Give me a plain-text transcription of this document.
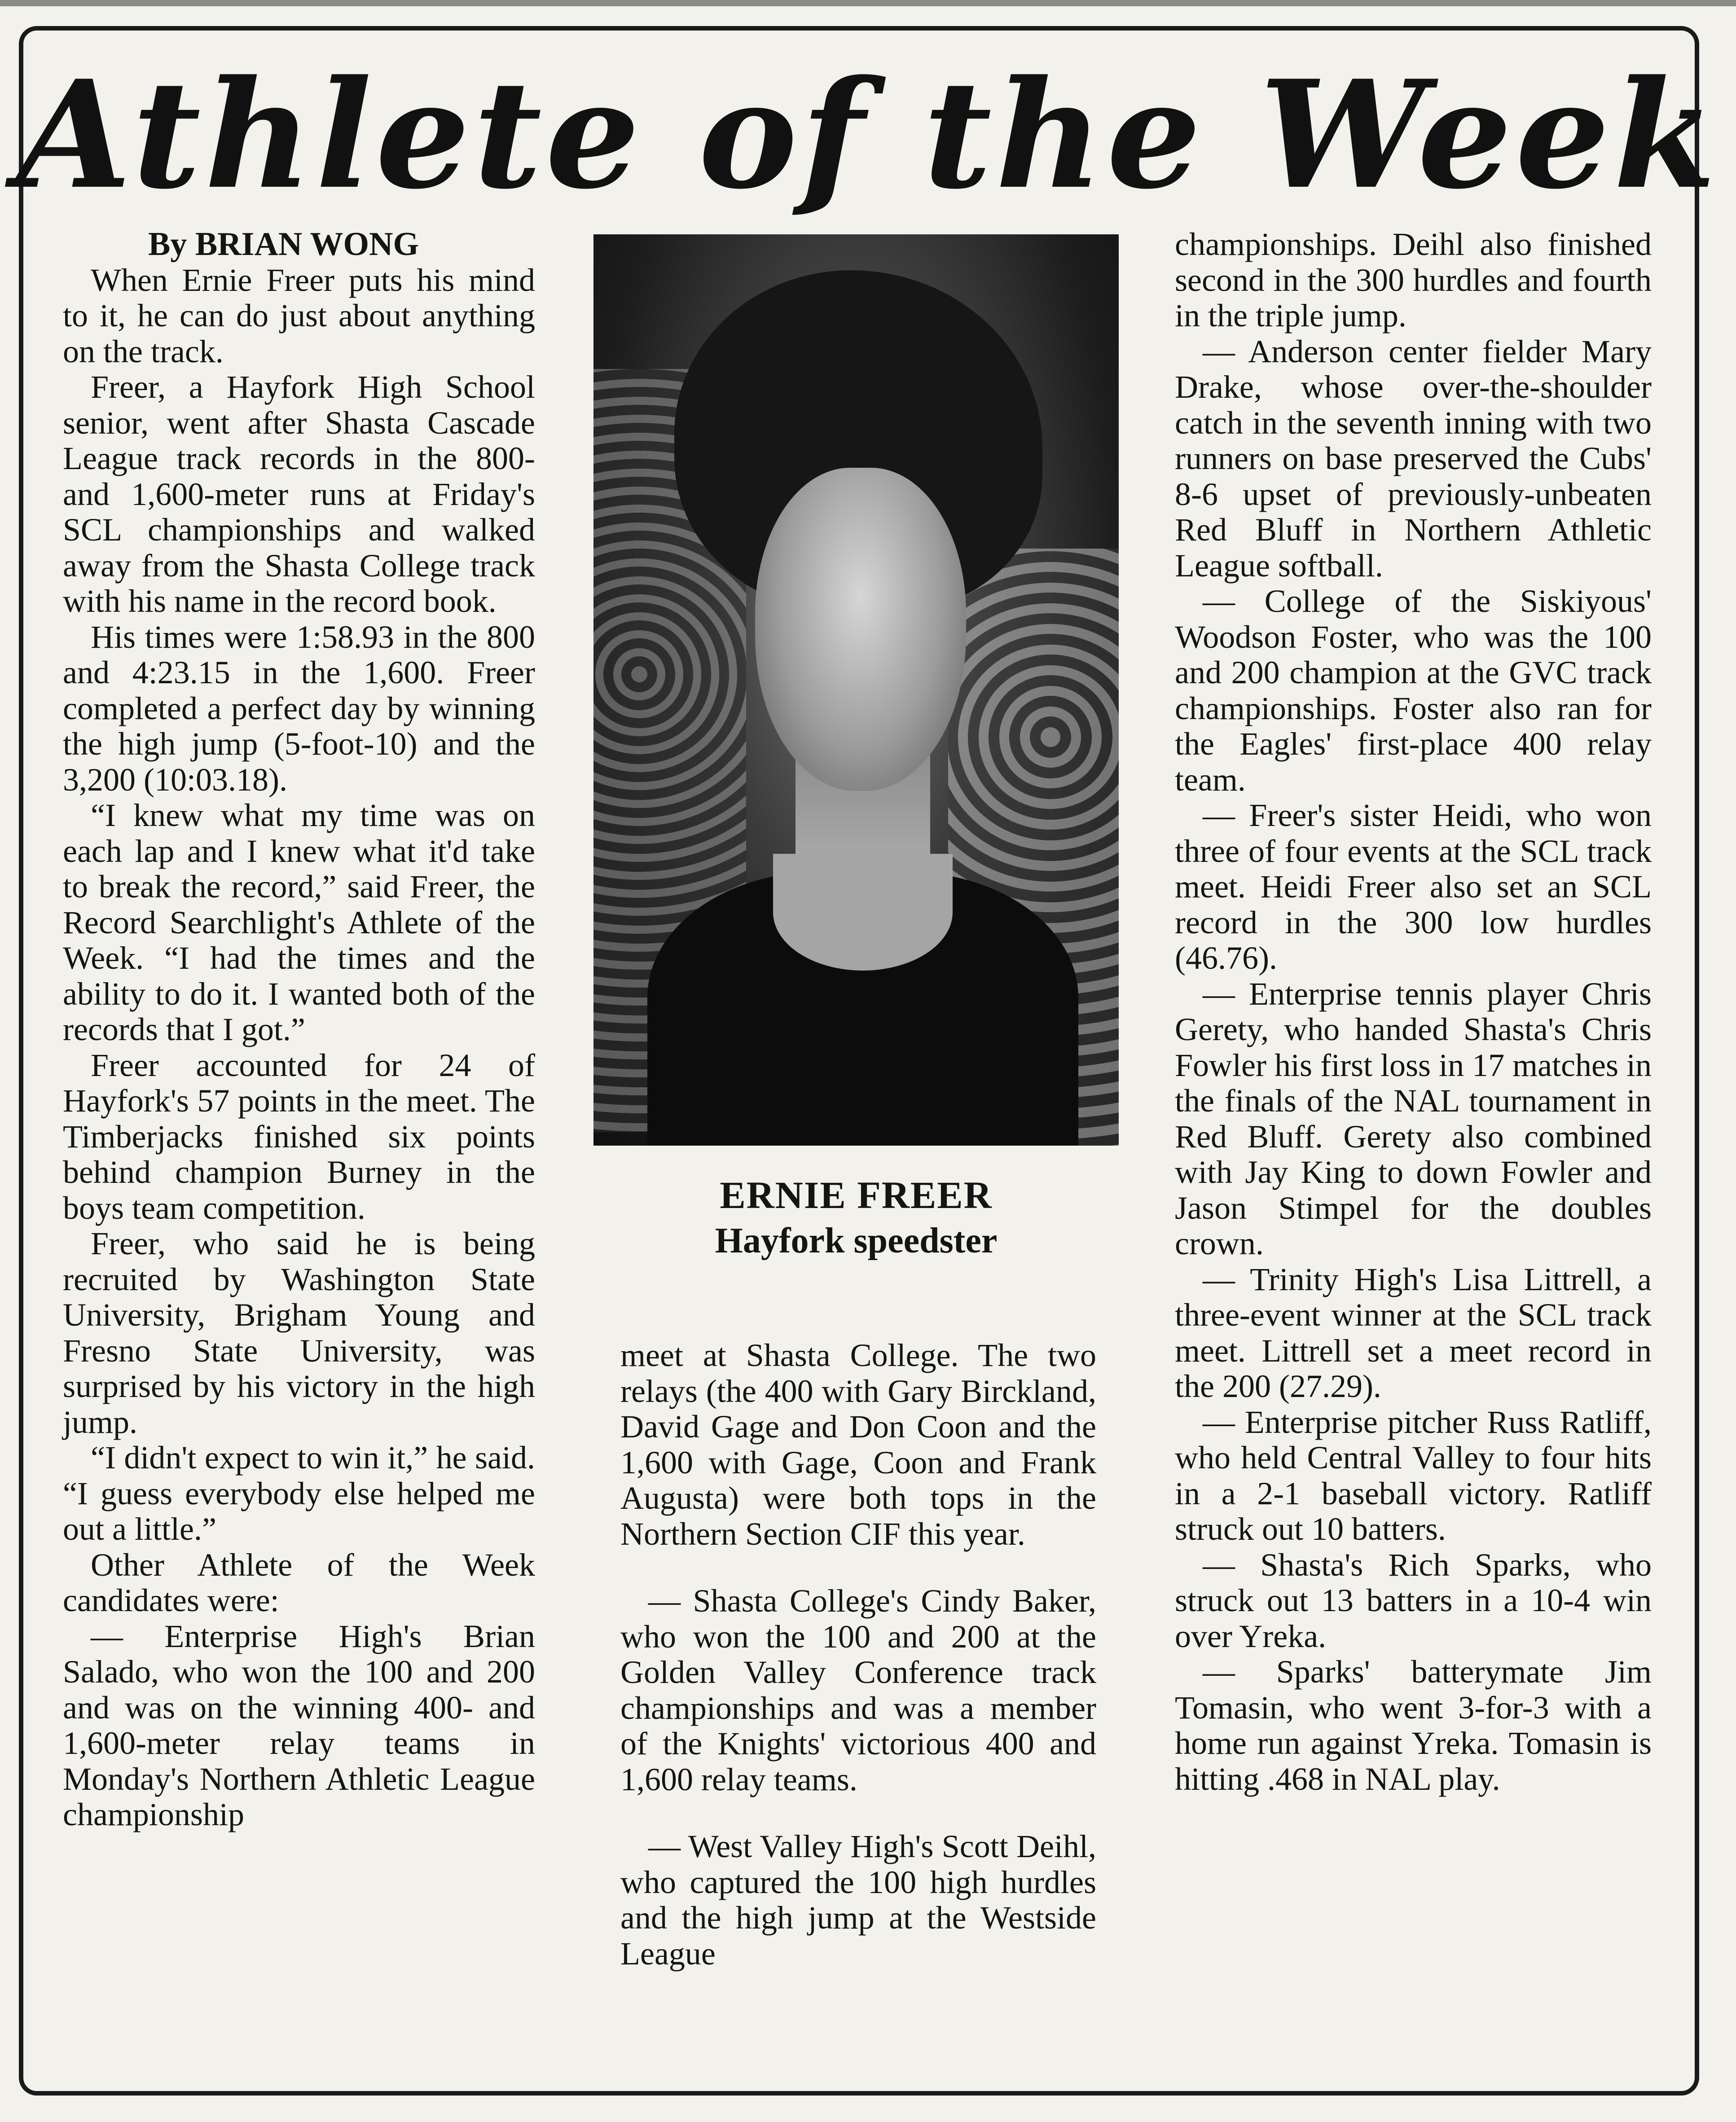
Athlete of the Week

By BRIAN WONG

When Ernie Freer puts his mind to it, he can do just about anything on the track.

Freer, a Hayfork High School senior, went after Shasta Cascade League track records in the 800- and 1,600-meter runs at Friday's SCL championships and walked away from the Shasta College track with his name in the record book.

His times were 1:58.93 in the 800 and 4:23.15 in the 1,600. Freer completed a perfect day by winning the high jump (5-foot-10) and the 3,200 (10:03.18).

“I knew what my time was on each lap and I knew what it'd take to break the record,” said Freer, the Record Searchlight's Athlete of the Week. “I had the times and the ability to do it. I wanted both of the records that I got.”

Freer accounted for 24 of Hayfork's 57 points in the meet. The Timberjacks finished six points behind champion Burney in the boys team competition.

Freer, who said he is being recruited by Washington State University, Brigham Young and Fresno State University, was surprised by his victory in the high jump.

“I didn't expect to win it,” he said. “I guess everybody else helped me out a little.”

Other Athlete of the Week candidates were:

— Enterprise High's Brian Salado, who won the 100 and 200 and was on the winning 400- and 1,600-meter relay teams in Monday's Northern Athletic League championship

ERNIE FREER
Hayfork speedster

meet at Shasta College. The two relays (the 400 with Gary Birckland, David Gage and Don Coon and the 1,600 with Gage, Coon and Frank Augusta) were both tops in the Northern Section CIF this year.

— Shasta College's Cindy Baker, who won the 100 and 200 at the Golden Valley Conference track championships and was a member of the Knights' victorious 400 and 1,600 relay teams.

— West Valley High's Scott Deihl, who captured the 100 high hurdles and the high jump at the Westside League

championships. Deihl also finished second in the 300 hurdles and fourth in the triple jump.

— Anderson center fielder Mary Drake, whose over-the-shoulder catch in the seventh inning with two runners on base preserved the Cubs' 8-6 upset of previously-unbeaten Red Bluff in Northern Athletic League softball.

— College of the Siskiyous' Woodson Foster, who was the 100 and 200 champion at the GVC track championships. Foster also ran for the Eagles' first-place 400 relay team.

— Freer's sister Heidi, who won three of four events at the SCL track meet. Heidi Freer also set an SCL record in the 300 low hurdles (46.76).

— Enterprise tennis player Chris Gerety, who handed Shasta's Chris Fowler his first loss in 17 matches in the finals of the NAL tournament in Red Bluff. Gerety also combined with Jay King to down Fowler and Jason Stimpel for the doubles crown.

— Trinity High's Lisa Littrell, a three-event winner at the SCL track meet. Littrell set a meet record in the 200 (27.29).

— Enterprise pitcher Russ Ratliff, who held Central Valley to four hits in a 2-1 baseball victory. Ratliff struck out 10 batters.

— Shasta's Rich Sparks, who struck out 13 batters in a 10-4 win over Yreka.

— Sparks' batterymate Jim Tomasin, who went 3-for-3 with a home run against Yreka. Tomasin is hitting .468 in NAL play.
